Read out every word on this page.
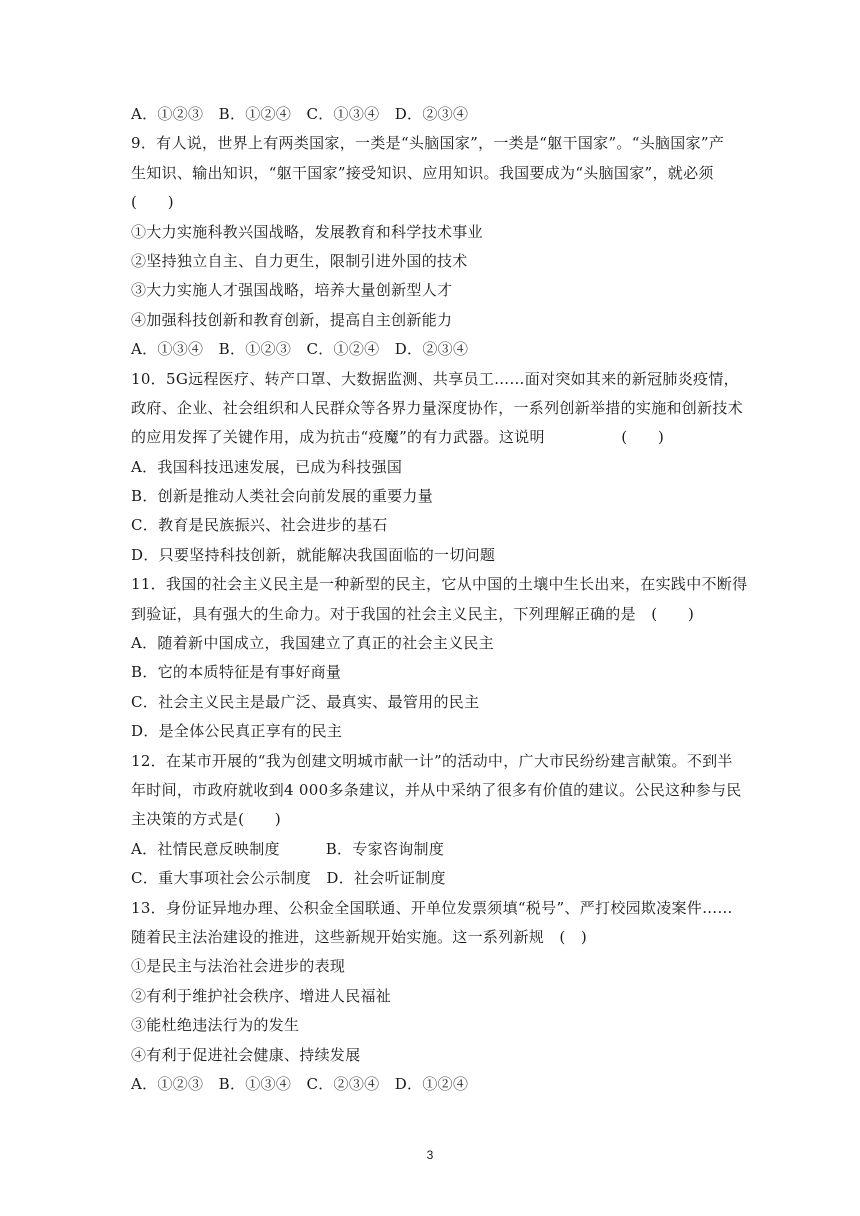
A．①②③　B．①②④　C．①③④　D．②③④
9．有人说，世界上有两类国家，一类是“头脑国家”，一类是“躯干国家”。“头脑国家”产
生知识、输出知识，“躯干国家”接受知识、应用知识。我国要成为“头脑国家”，就必须
(　　)
①大力实施科教兴国战略，发展教育和科学技术事业
②坚持独立自主、自力更生，限制引进外国的技术
③大力实施人才强国战略，培养大量创新型人才
④加强科技创新和教育创新，提高自主创新能力
A．①③④　B．①②③　C．①②④　D．②③④
10．5G远程医疗、转产口罩、大数据监测、共享员工……面对突如其来的新冠肺炎疫情，
政府、企业、社会组织和人民群众等各界力量深度协作，一系列创新举措的实施和创新技术
的应用发挥了关键作用，成为抗击“疫魔”的有力武器。这说明　　　　　(　　)
A．我国科技迅速发展，已成为科技强国
B．创新是推动人类社会向前发展的重要力量
C．教育是民族振兴、社会进步的基石
D．只要坚持科技创新，就能解决我国面临的一切问题
11．我国的社会主义民主是一种新型的民主，它从中国的土壤中生长出来，在实践中不断得
到验证，具有强大的生命力。对于我国的社会主义民主，下列理解正确的是　(　　)
A．随着新中国成立，我国建立了真正的社会主义民主
B．它的本质特征是有事好商量
C．社会主义民主是最广泛、最真实、最管用的民主
D．是全体公民真正享有的民主
12．在某市开展的“我为创建文明城市献一计”的活动中，广大市民纷纷建言献策。不到半
年时间，市政府就收到4 000多条建议，并从中采纳了很多有价值的建议。公民这种参与民
主决策的方式是(　　)
A．社情民意反映制度　　　B．专家咨询制度
C．重大事项社会公示制度　D．社会听证制度
13．身份证异地办理、公积金全国联通、开单位发票须填“税号”、严打校园欺凌案件……
随着民主法治建设的推进，这些新规开始实施。这一系列新规　(　)
①是民主与法治社会进步的表现
②有利于维护社会秩序、增进人民福祉
③能杜绝违法行为的发生
④有利于促进社会健康、持续发展
A．①②③　B．①③④　C．②③④　D．①②④
3
